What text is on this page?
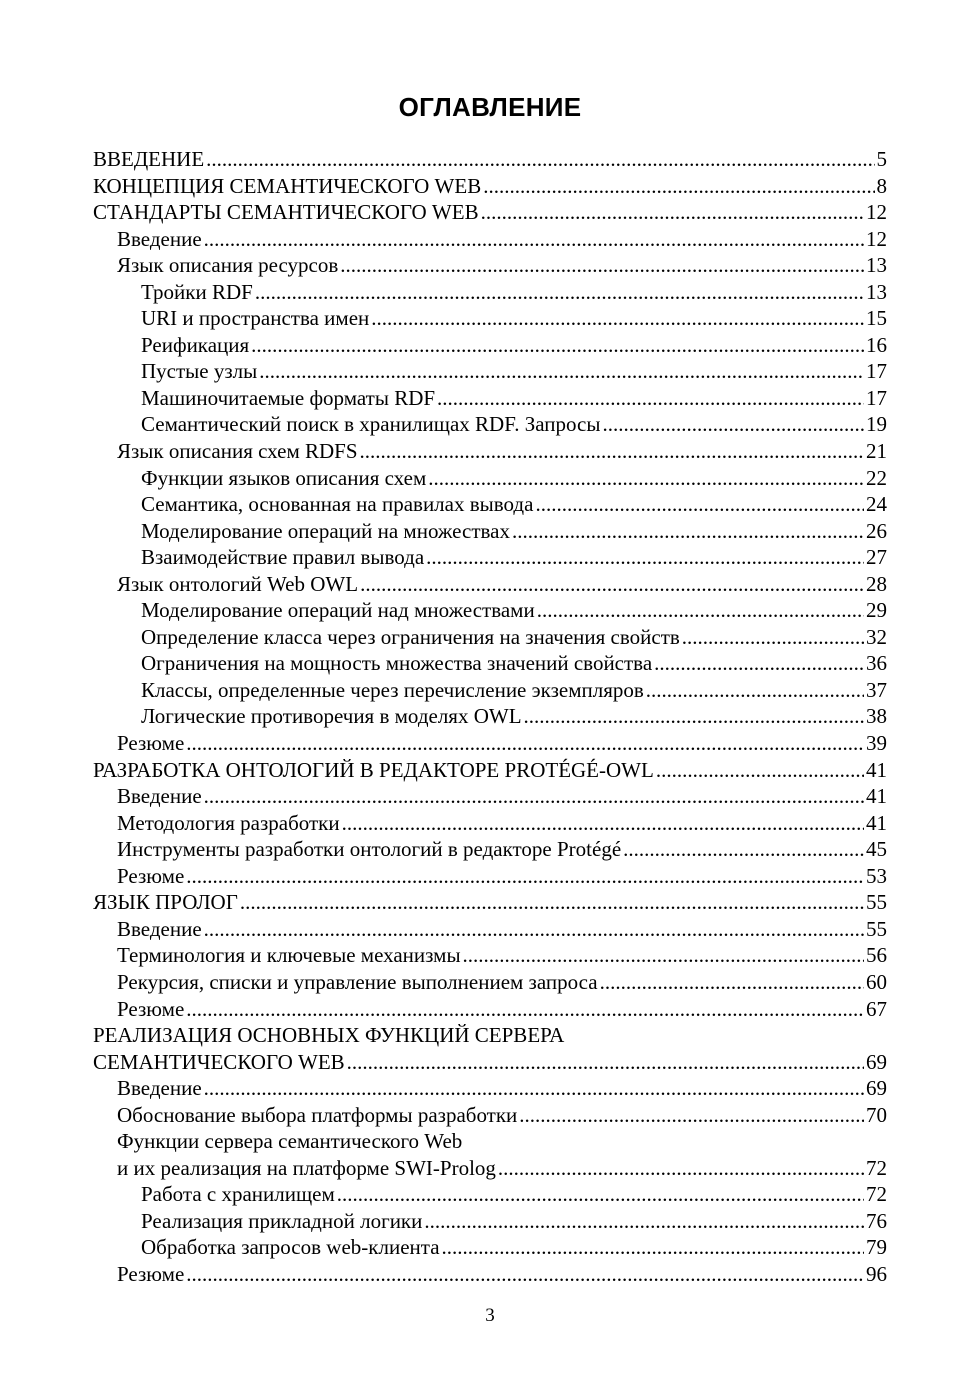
ОГЛАВЛЕНИЕ
ВВЕДЕНИЕ .....	5
КОНЦЕПЦИЯ СЕМАНТИЧЕСКОГО WEB .....	8
СТАНДАРТЫ СЕМАНТИЧЕСКОГО WEB .....	12
Введение .....	12
Язык описания ресурсов .....	13
Тройки RDF .....	13
URI и пространства имен .....	15
Реификация .....	16
Пустые узлы .....	17
Машиночитаемые форматы RDF .....	17
Семантический поиск в хранилищах RDF. Запросы .....	19
Язык описания схем RDFS .....	21
Функции языков описания схем .....	22
Семантика, основанная на правилах вывода .....	24
Моделирование операций на множествах .....	26
Взаимодействие правил вывода .....	27
Язык онтологий Web OWL .....	28
Моделирование операций над множествами .....	29
Определение класса через ограничения на значения свойств .....	32
Ограничения на мощность множества значений свойства .....	36
Классы, определенные через перечисление экземпляров .....	37
Логические противоречия в моделях OWL .....	38
Резюме .....	39
РАЗРАБОТКА ОНТОЛОГИЙ В РЕДАКТОРЕ PROTÉGÉ-OWL .....	41
Введение .....	41
Методология разработки .....	41
Инструменты разработки онтологий в редакторе Protégé .....	45
Резюме .....	53
ЯЗЫК ПРОЛОГ .....	55
Введение .....	55
Терминология и ключевые механизмы .....	56
Рекурсия, списки и управление выполнением запроса .....	60
Резюме .....	67
РЕАЛИЗАЦИЯ ОСНОВНЫХ ФУНКЦИЙ СЕРВЕРА
СЕМАНТИЧЕСКОГО WEB .....	69
Введение .....	69
Обоснование выбора платформы разработки .....	70
Функции сервера семантического Web
и их реализация на платформе SWI-Prolog .....	72
Работа с хранилищем .....	72
Реализация прикладной логики .....	76
Обработка запросов web-клиента .....	79
Резюме .....	96
3
